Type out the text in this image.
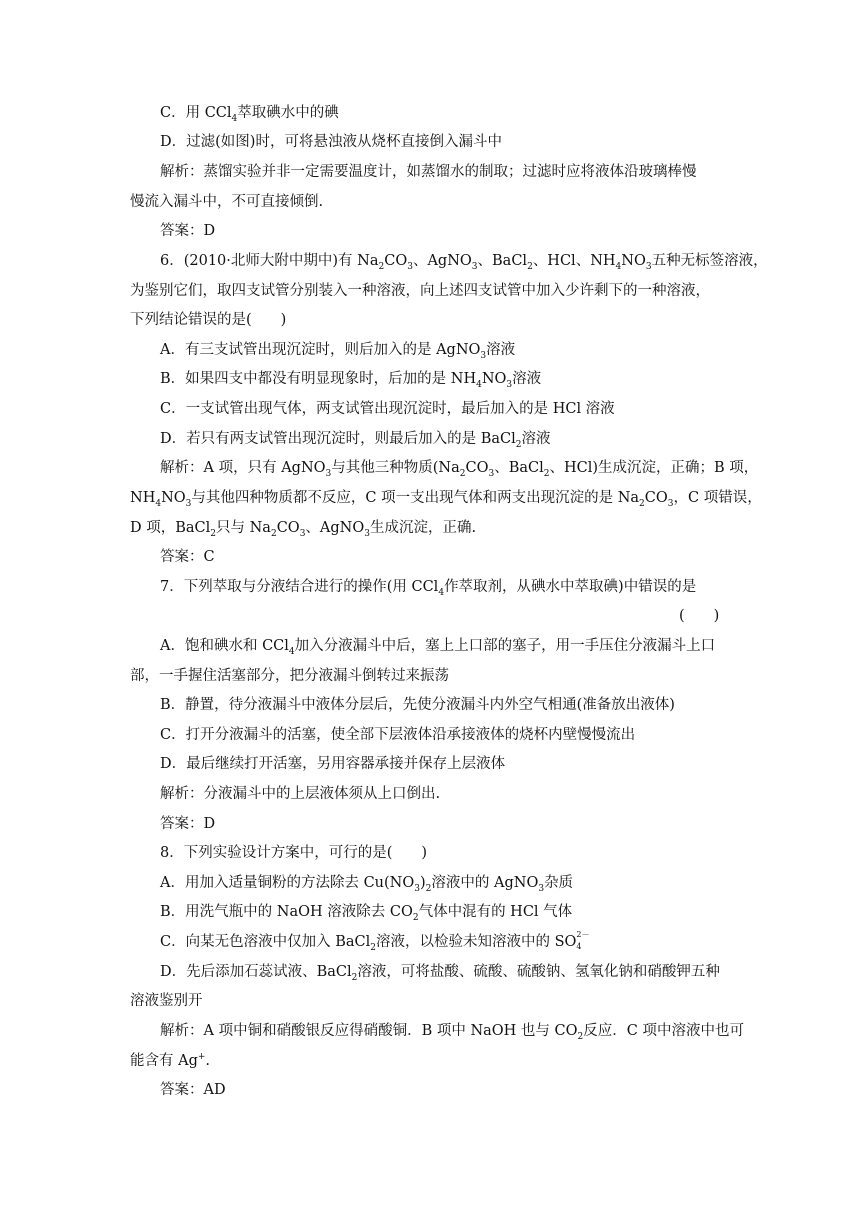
C．用 CCl$_4$萃取碘水中的碘
D．过滤(如图)时，可将悬浊液从烧杯直接倒入漏斗中
解析：蒸馏实验并非一定需要温度计，如蒸馏水的制取；过滤时应将液体沿玻璃棒慢
慢流入漏斗中，不可直接倾倒.
答案：D
6．(2010·北师大附中期中)有 $Na_2CO_3$、AgNO$_3$、BaCl$_2$、HCl、$NH_4NO_3$五种无标签溶液，
为鉴别它们，取四支试管分别装入一种溶液，向上述四支试管中加入少许剩下的一种溶液，
下列结论错误的是(　　)
A．有三支试管出现沉淀时，则后加入的是 AgNO$_3$溶液
B．如果四支中都没有明显现象时，后加的是 $NH_4NO_3$溶液
C．一支试管出现气体，两支试管出现沉淀时，最后加入的是 HCl 溶液
D．若只有两支试管出现沉淀时，则最后加入的是 BaCl$_2$溶液
解析：A 项，只有 AgNO$_3$与其他三种物质($Na_2CO_3$、BaCl$_2$、HCl)生成沉淀，正确；B 项，
$NH_4NO_3$与其他四种物质都不反应，C 项一支出现气体和两支出现沉淀的是 $Na_2CO_3$，C 项错误，
D 项，BaCl$_2$只与 $Na_2CO_3$、AgNO$_3$生成沉淀，正确.
答案：C
7．下列萃取与分液结合进行的操作(用 CCl$_4$作萃取剂，从碘水中萃取碘)中错误的是
(　　)
A．饱和碘水和 CCl$_4$加入分液漏斗中后，塞上上口部的塞子，用一手压住分液漏斗上口
部，一手握住活塞部分，把分液漏斗倒转过来振荡
B．静置，待分液漏斗中液体分层后，先使分液漏斗内外空气相通(准备放出液体)
C．打开分液漏斗的活塞，使全部下层液体沿承接液体的烧杯内壁慢慢流出
D．最后继续打开活塞，另用容器承接并保存上层液体
解析：分液漏斗中的上层液体须从上口倒出.
答案：D
8．下列实验设计方案中，可行的是(　　)
A．用加入适量铜粉的方法除去 $Cu(NO_3)_2$溶液中的 AgNO$_3$杂质
B．用洗气瓶中的 NaOH 溶液除去 $CO_2$气体中混有的 HCl 气体
C．向某无色溶液中仅加入 BaCl$_2$溶液，以检验未知溶液中的 SO 2－
4
D．先后添加石蕊试液、BaCl$_2$溶液，可将盐酸、硫酸、硫酸钠、氢氧化钠和硝酸钾五种
溶液鉴别开
解析：A 项中铜和硝酸银反应得硝酸铜．B 项中 NaOH 也与 $CO_2$反应．C 项中溶液中也可
能含有 Ag+.
答案：AD
